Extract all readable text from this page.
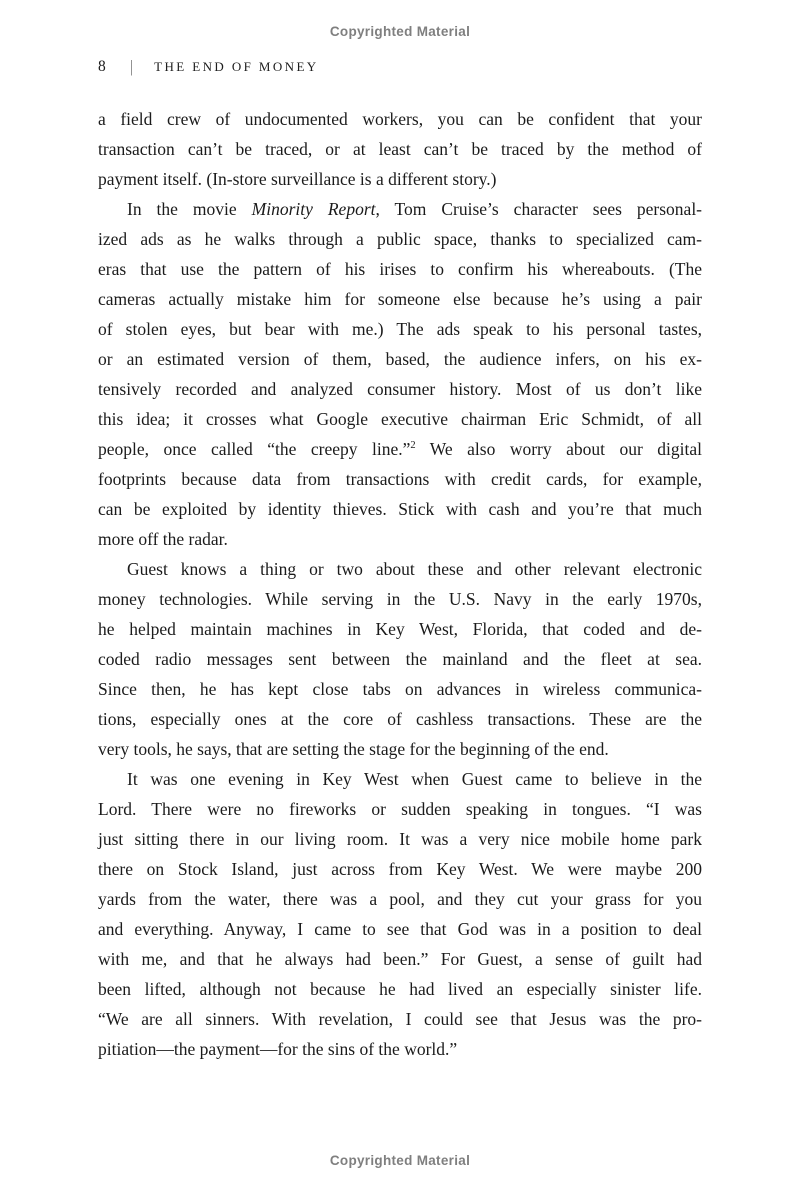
Copyrighted Material
8 | THE END OF MONEY
a field crew of undocumented workers, you can be confident that your
transaction can’t be traced, or at least can’t be traced by the method of
payment itself. (In-store surveillance is a different story.)
In the movie Minority Report, Tom Cruise’s character sees personal-
ized ads as he walks through a public space, thanks to specialized cam-
eras that use the pattern of his irises to confirm his whereabouts. (The
cameras actually mistake him for someone else because he’s using a pair
of stolen eyes, but bear with me.) The ads speak to his personal tastes,
or an estimated version of them, based, the audience infers, on his ex-
tensively recorded and analyzed consumer history. Most of us don’t like
this idea; it crosses what Google executive chairman Eric Schmidt, of all
people, once called “the creepy line.”$^2$ We also worry about our digital
footprints because data from transactions with credit cards, for example,
can be exploited by identity thieves. Stick with cash and you’re that much
more off the radar.
Guest knows a thing or two about these and other relevant electronic
money technologies. While serving in the U.S. Navy in the early 1970s,
he helped maintain machines in Key West, Florida, that coded and de-
coded radio messages sent between the mainland and the fleet at sea.
Since then, he has kept close tabs on advances in wireless communica-
tions, especially ones at the core of cashless transactions. These are the
very tools, he says, that are setting the stage for the beginning of the end.
It was one evening in Key West when Guest came to believe in the
Lord. There were no fireworks or sudden speaking in tongues. “I was
just sitting there in our living room. It was a very nice mobile home park
there on Stock Island, just across from Key West. We were maybe 200
yards from the water, there was a pool, and they cut your grass for you
and everything. Anyway, I came to see that God was in a position to deal
with me, and that he always had been.” For Guest, a sense of guilt had
been lifted, although not because he had lived an especially sinister life.
“We are all sinners. With revelation, I could see that Jesus was the pro-
pitiation—the payment—for the sins of the world.”
Copyrighted Material
